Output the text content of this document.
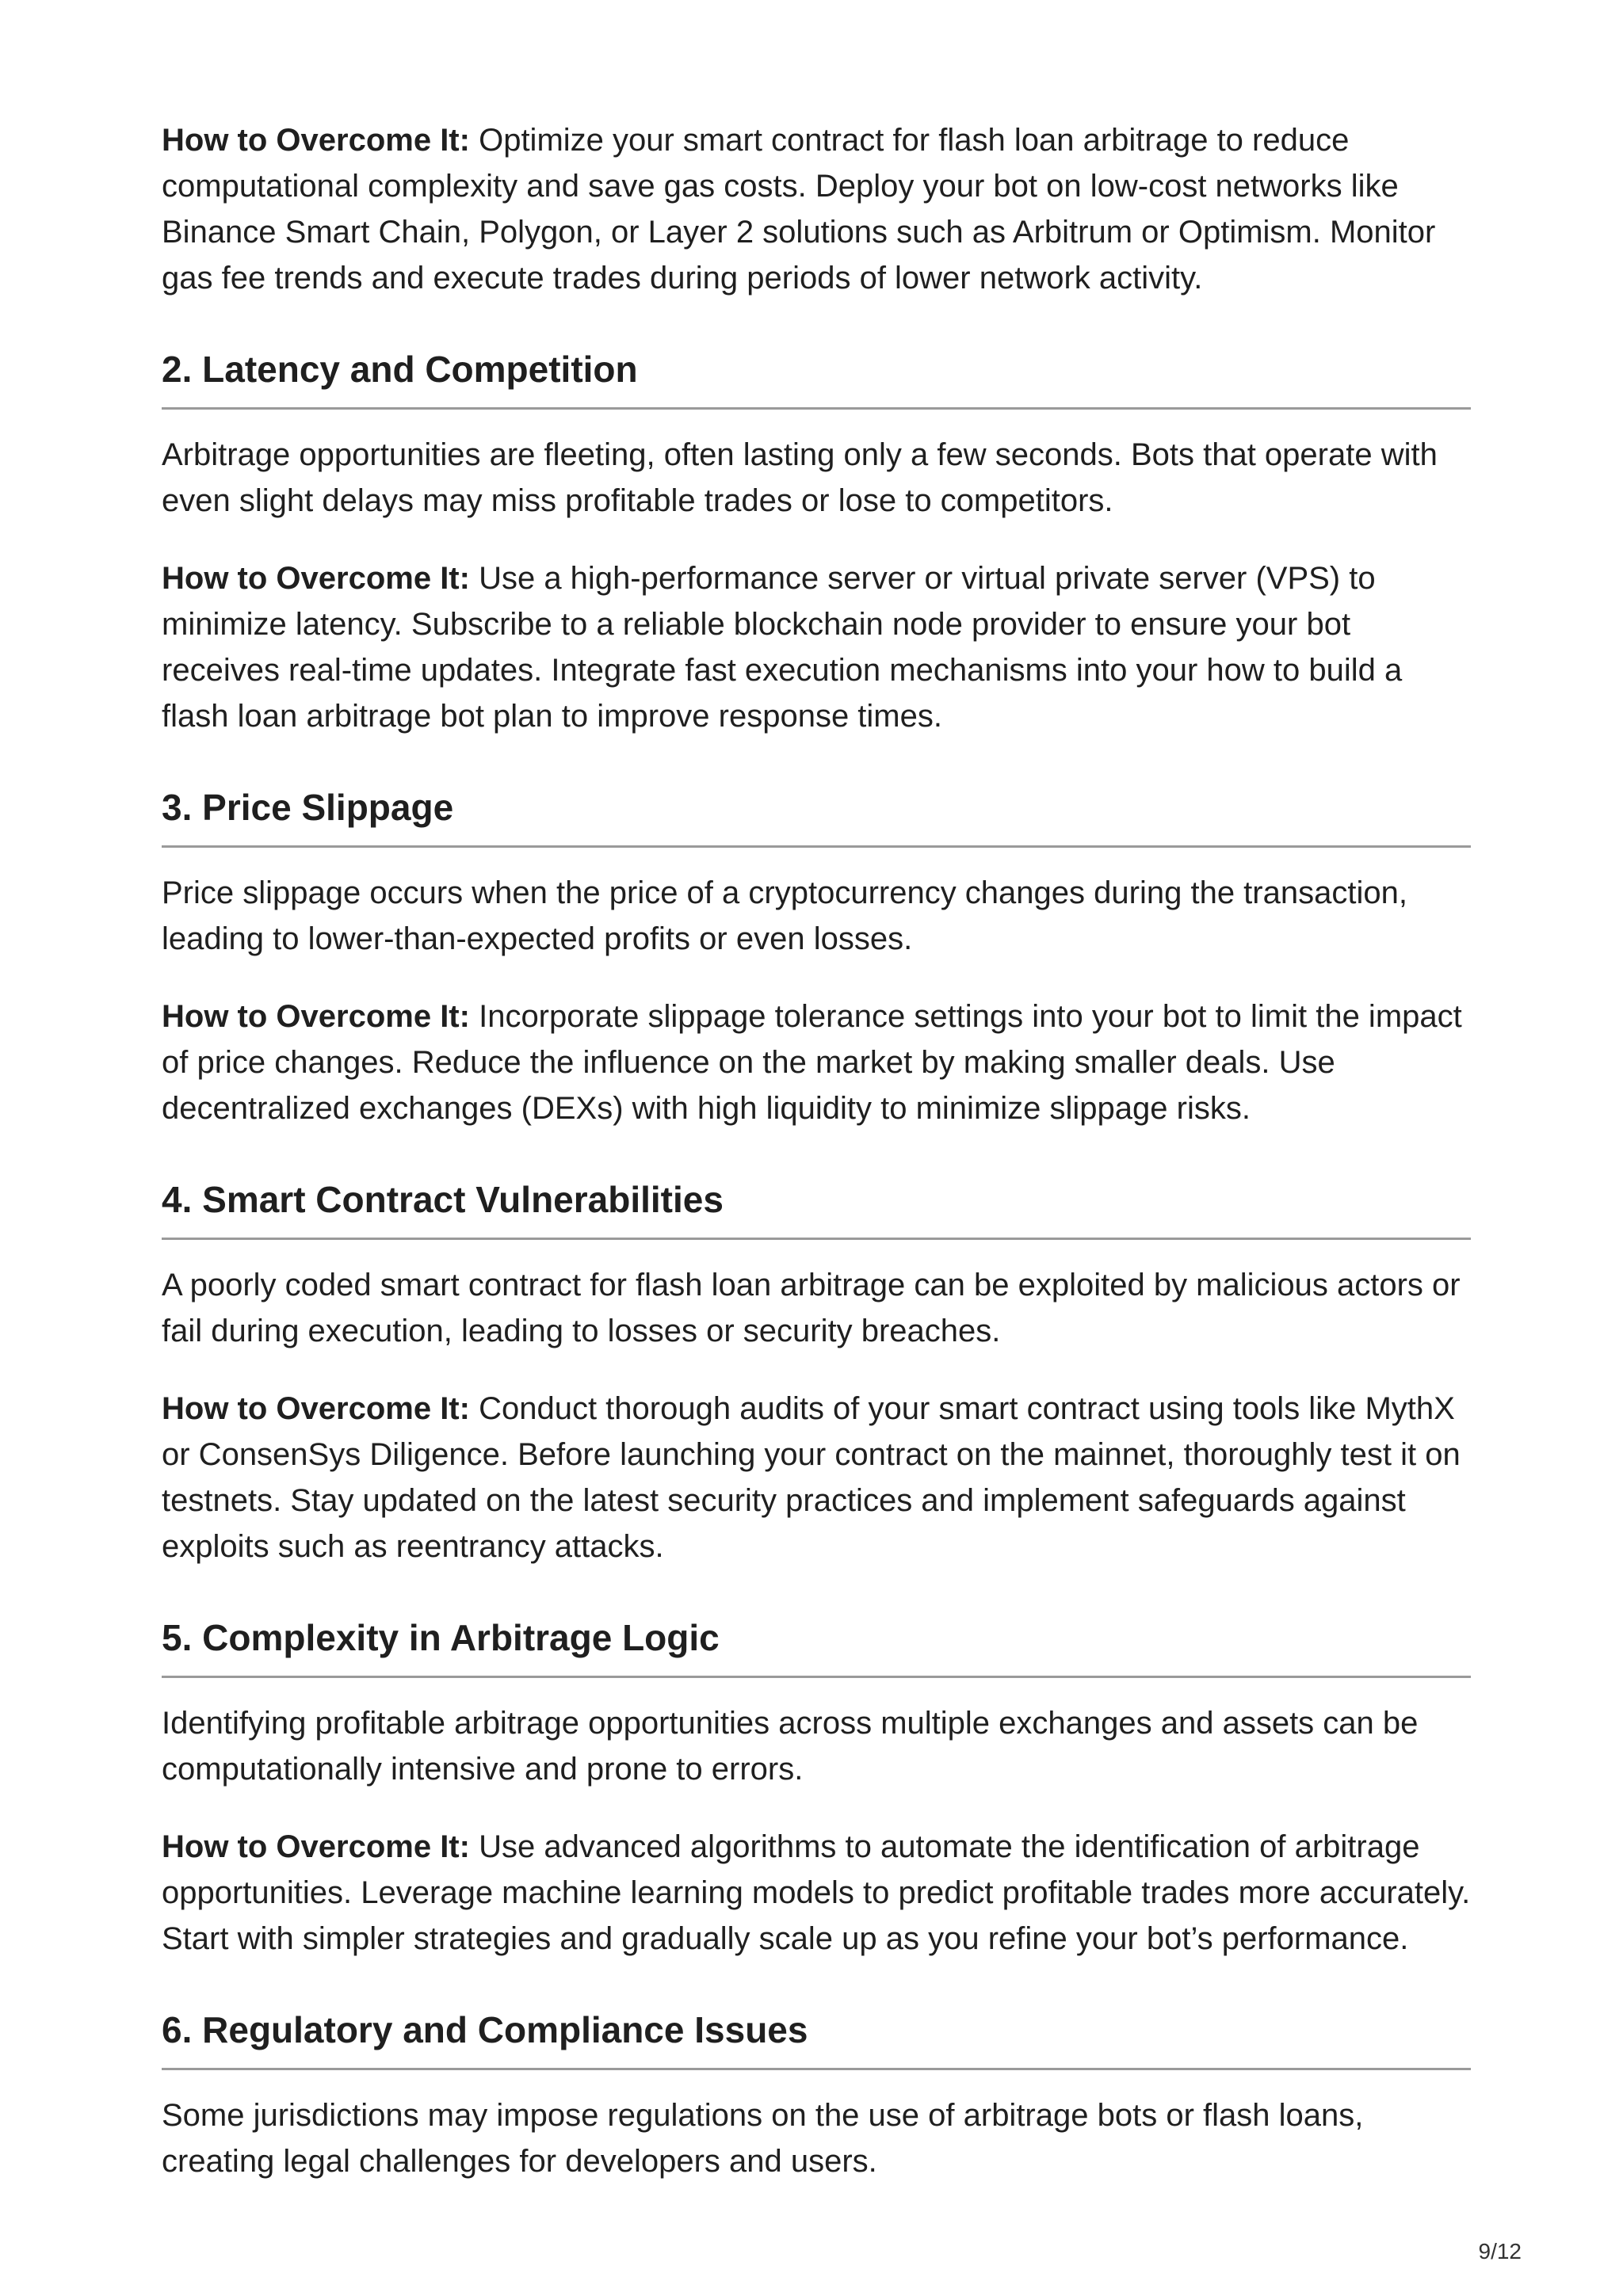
How to Overcome It: Optimize your smart contract for flash loan arbitrage to reduce computational complexity and save gas costs. Deploy your bot on low-cost networks like Binance Smart Chain, Polygon, or Layer 2 solutions such as Arbitrum or Optimism. Monitor gas fee trends and execute trades during periods of lower network activity.

2. Latency and Competition

Arbitrage opportunities are fleeting, often lasting only a few seconds. Bots that operate with even slight delays may miss profitable trades or lose to competitors.

How to Overcome It: Use a high-performance server or virtual private server (VPS) to minimize latency. Subscribe to a reliable blockchain node provider to ensure your bot receives real-time updates. Integrate fast execution mechanisms into your how to build a flash loan arbitrage bot plan to improve response times.

3. Price Slippage

Price slippage occurs when the price of a cryptocurrency changes during the transaction, leading to lower-than-expected profits or even losses.

How to Overcome It: Incorporate slippage tolerance settings into your bot to limit the impact of price changes. Reduce the influence on the market by making smaller deals. Use decentralized exchanges (DEXs) with high liquidity to minimize slippage risks.

4. Smart Contract Vulnerabilities

A poorly coded smart contract for flash loan arbitrage can be exploited by malicious actors or fail during execution, leading to losses or security breaches.

How to Overcome It: Conduct thorough audits of your smart contract using tools like MythX or ConsenSys Diligence. Before launching your contract on the mainnet, thoroughly test it on testnets. Stay updated on the latest security practices and implement safeguards against exploits such as reentrancy attacks.

5. Complexity in Arbitrage Logic

Identifying profitable arbitrage opportunities across multiple exchanges and assets can be computationally intensive and prone to errors.

How to Overcome It: Use advanced algorithms to automate the identification of arbitrage opportunities. Leverage machine learning models to predict profitable trades more accurately. Start with simpler strategies and gradually scale up as you refine your bot’s performance.

6. Regulatory and Compliance Issues

Some jurisdictions may impose regulations on the use of arbitrage bots or flash loans, creating legal challenges for developers and users.

9/12
